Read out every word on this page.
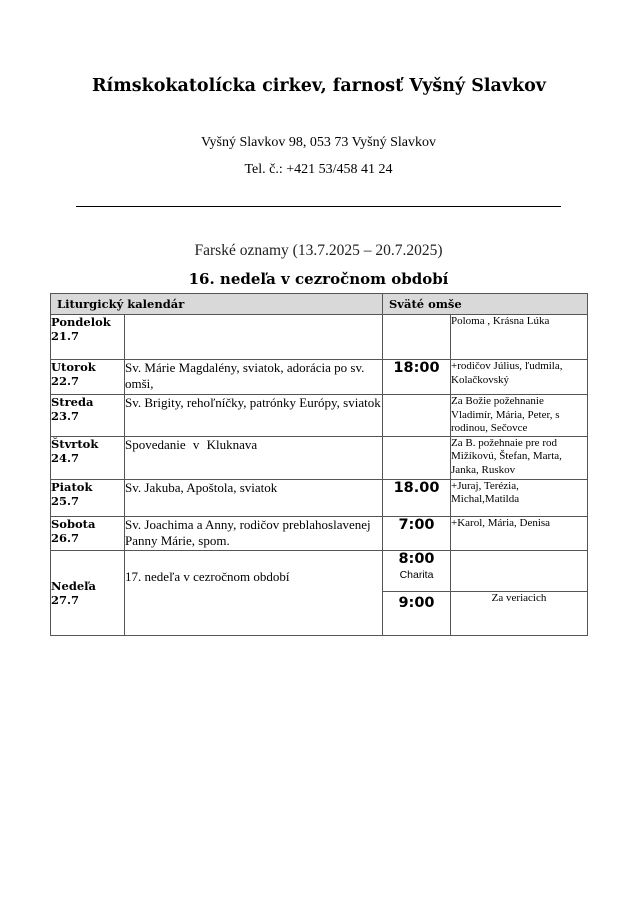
Rímskokatolícka cirkev, farnosť Vyšný Slavkov
Vyšný Slavkov 98, 053 73 Vyšný Slavkov
Tel. č.: +421 53/458 41 24
Farské oznamy (13.7.2025 – 20.7.2025)
16. nedeľa v cezročnom období
Liturgický kalendár		Sväté omše	

Pondelok
21.7			Poloma , Krásna Lúka

Utorok
22.7	Sv. Márie Magdalény, sviatok, adorácia po sv. omši,	18:00	+rodičov Július, ľudmila, Kolačkovský

Streda
23.7	Sv. Brigity, rehoľníčky, patrónky Európy, sviatok		Za Božie požehnanie Vladimír, Mária, Peter, s rodinou, Sečovce

Štvrtok
24.7	Spovedanie v Kluknava		Za B. požehnaie pre rod Mižíkovú, Štefan, Marta, Janka, Ruskov

Piatok
25.7	Sv. Jakuba, Apoštola, sviatok	18.00	+Juraj, Terézia, Michal,Matilda

Sobota
26.7	Sv. Joachima a Anny, rodičov preblahoslavenej Panny Márie, spom.	7:00	+Karol, Mária, Denisa

Nedeľa
27.7	17. nedeľa v cezročnom období	8:00
Charita	

		9:00	Za veriacich
